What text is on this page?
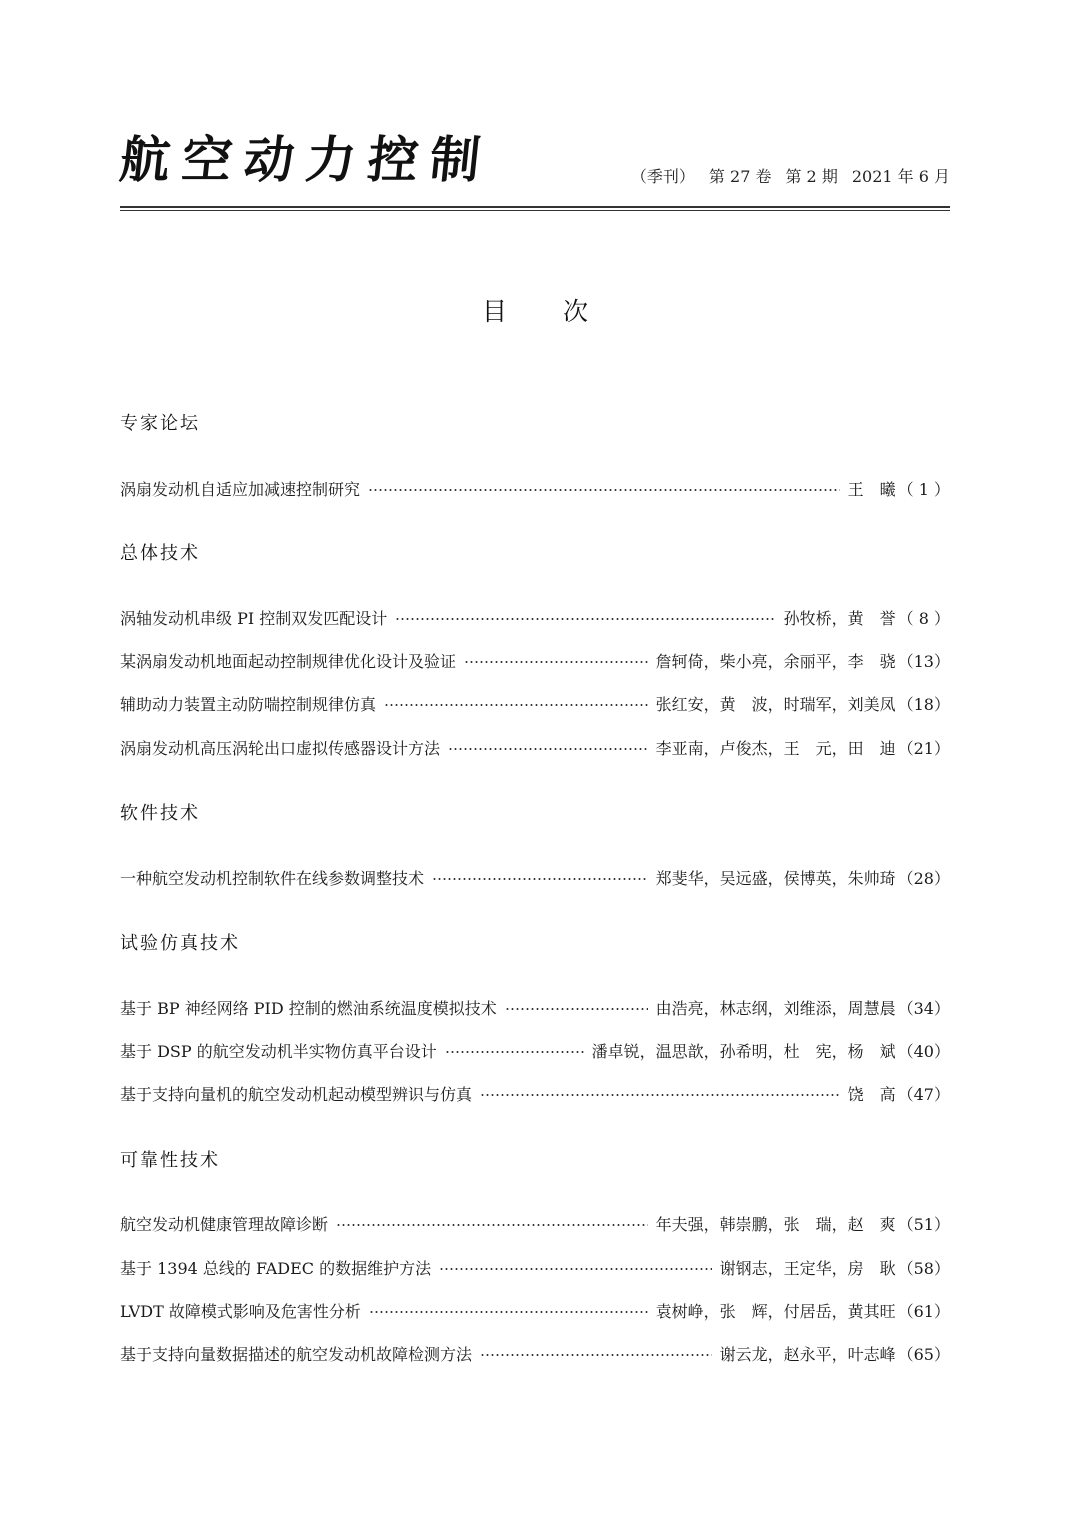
航空动力控制	（季刊） 第 27 卷 第 2 期 2021 年 6 月
目次
专家论坛
涡扇发动机自适应加减速控制研究	王　曦 （ 1 ）
总体技术
涡轴发动机串级 PI 控制双发匹配设计	孙牧桥，黄　誉 （ 8 ）
某涡扇发动机地面起动控制规律优化设计及验证	詹轲倚，柴小亮，余丽平，李　骁 （13）
辅助动力装置主动防喘控制规律仿真	张红安，黄　波，时瑞军，刘美凤 （18）
涡扇发动机高压涡轮出口虚拟传感器设计方法	李亚南，卢俊杰，王　元，田　迪 （21）
软件技术
一种航空发动机控制软件在线参数调整技术	郑斐华，吴远盛，侯博英，朱帅琦 （28）
试验仿真技术
基于 BP 神经网络 PID 控制的燃油系统温度模拟技术	由浩亮，林志纲，刘维添，周慧晨 （34）
基于 DSP 的航空发动机半实物仿真平台设计	潘卓锐，温思歆，孙希明，杜　宪，杨　斌 （40）
基于支持向量机的航空发动机起动模型辨识与仿真	饶　高 （47）
可靠性技术
航空发动机健康管理故障诊断	年夫强，韩崇鹏，张　瑞，赵　爽 （51）
基于 1394 总线的 FADEC 的数据维护方法	谢钢志，王定华，房　耿 （58）
LVDT 故障模式影响及危害性分析	袁树峥，张　辉，付居岳，黄其旺 （61）
基于支持向量数据描述的航空发动机故障检测方法	谢云龙，赵永平，叶志峰 （65）
